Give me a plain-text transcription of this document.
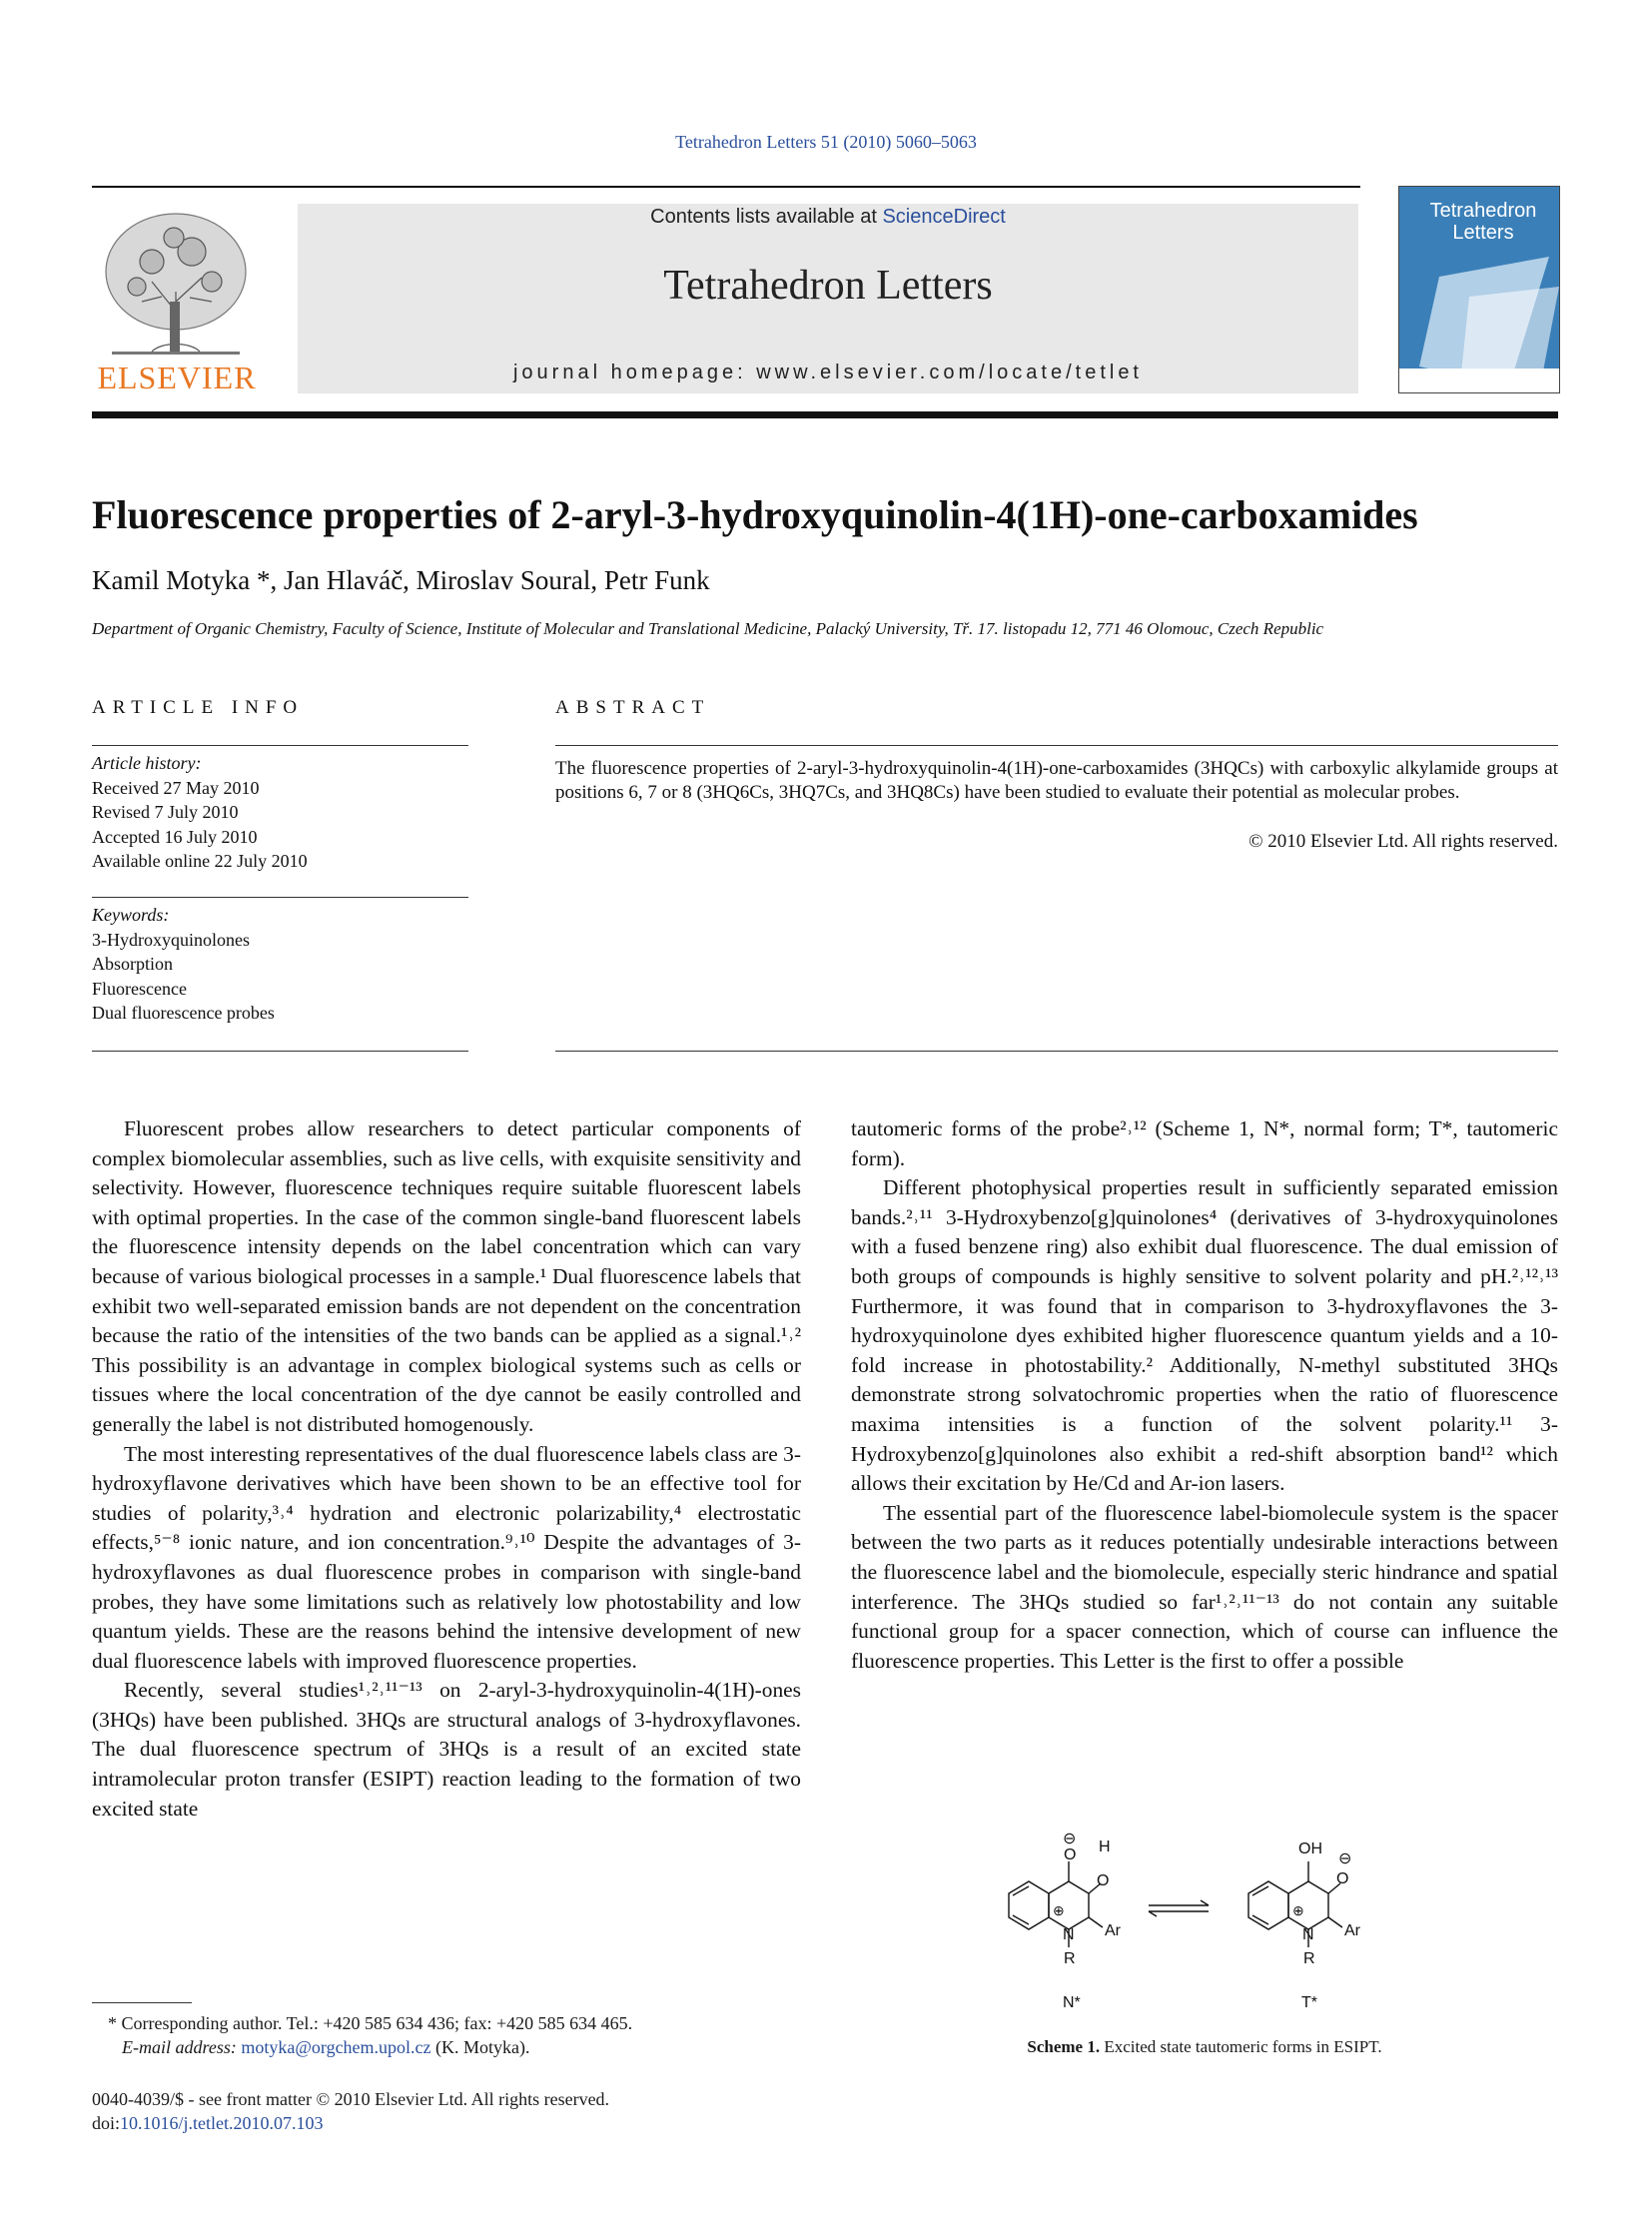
Tetrahedron Letters 51 (2010) 5060–5063
ELSEVIER
Contents lists available at ScienceDirect
Tetrahedron Letters
journal homepage: www.elsevier.com/locate/tetlet
Tetrahedron
Letters
Fluorescence properties of 2-aryl-3-hydroxyquinolin-4(1H)-one-carboxamides
Kamil Motyka *, Jan Hlaváč, Miroslav Soural, Petr Funk
Department of Organic Chemistry, Faculty of Science, Institute of Molecular and Translational Medicine, Palacký University, Tř. 17. listopadu 12, 771 46 Olomouc, Czech Republic
ARTICLE INFO	ABSTRACT
Article history:
Received 27 May 2010
Revised 7 July 2010
Accepted 16 July 2010
Available online 22 July 2010
Keywords:
3-Hydroxyquinolones
Absorption
Fluorescence
Dual fluorescence probes
The fluorescence properties of 2-aryl-3-hydroxyquinolin-4(1H)-one-carboxamides (3HQCs) with carboxylic alkylamide groups at positions 6, 7 or 8 (3HQ6Cs, 3HQ7Cs, and 3HQ8Cs) have been studied to evaluate their potential as molecular probes.
© 2010 Elsevier Ltd. All rights reserved.

Fluorescent probes allow researchers to detect particular components of complex biomolecular assemblies, such as live cells, with exquisite sensitivity and selectivity. However, fluorescence techniques require suitable fluorescent labels with optimal properties. In the case of the common single-band fluorescent labels the fluorescence intensity depends on the label concentration which can vary because of various biological processes in a sample.¹ Dual fluorescence labels that exhibit two well-separated emission bands are not dependent on the concentration because the ratio of the intensities of the two bands can be applied as a signal.¹˒² This possibility is an advantage in complex biological systems such as cells or tissues where the local concentration of the dye cannot be easily controlled and generally the label is not distributed homogenously.

The most interesting representatives of the dual fluorescence labels class are 3-hydroxyflavone derivatives which have been shown to be an effective tool for studies of polarity,³˒⁴ hydration and electronic polarizability,⁴ electrostatic effects,⁵⁻⁸ ionic nature, and ion concentration.⁹˒¹⁰ Despite the advantages of 3-hydroxyflavones as dual fluorescence probes in comparison with single-band probes, they have some limitations such as relatively low photostability and low quantum yields. These are the reasons behind the intensive development of new dual fluorescence labels with improved fluorescence properties.

Recently, several studies¹˒²˒¹¹⁻¹³ on 2-aryl-3-hydroxyquinolin-4(1H)-ones (3HQs) have been published. 3HQs are structural analogs of 3-hydroxyflavones. The dual fluorescence spectrum of 3HQs is a result of an excited state intramolecular proton transfer (ESIPT) reaction leading to the formation of two excited state

tautomeric forms of the probe²˒¹² (Scheme 1, N*, normal form; T*, tautomeric form).

Different photophysical properties result in sufficiently separated emission bands.²˒¹¹ 3-Hydroxybenzo[g]quinolones⁴ (derivatives of 3-hydroxyquinolones with a fused benzene ring) also exhibit dual fluorescence. The dual emission of both groups of compounds is highly sensitive to solvent polarity and pH.²˒¹²˒¹³ Furthermore, it was found that in comparison to 3-hydroxyflavones the 3-hydroxyquinolone dyes exhibited higher fluorescence quantum yields and a 10-fold increase in photostability.² Additionally, N-methyl substituted 3HQs demonstrate strong solvatochromic properties when the ratio of fluorescence maxima intensities is a function of the solvent polarity.¹¹ 3-Hydroxybenzo[g]quinolones also exhibit a red-shift absorption band¹² which allows their excitation by He/Cd and Ar-ion lasers.

The essential part of the fluorescence label-biomolecule system is the spacer between the two parts as it reduces potentially undesirable interactions between the fluorescence label and the biomolecule, especially steric hindrance and spatial interference. The 3HQs studied so far¹˒²˒¹¹⁻¹³ do not contain any suitable functional group for a spacer connection, which of course can influence the fluorescence properties. This Letter is the first to offer a possible

⊖
O H
O
⊕
N
R
Ar
N*
OH
⊖
O
⊕
N
R
Ar
T*
Scheme 1. Excited state tautomeric forms in ESIPT.
* Corresponding author. Tel.: +420 585 634 436; fax: +420 585 634 465.
E-mail address: motyka@orgchem.upol.cz (K. Motyka).
0040-4039/$ - see front matter © 2010 Elsevier Ltd. All rights reserved.
doi:10.1016/j.tetlet.2010.07.103
